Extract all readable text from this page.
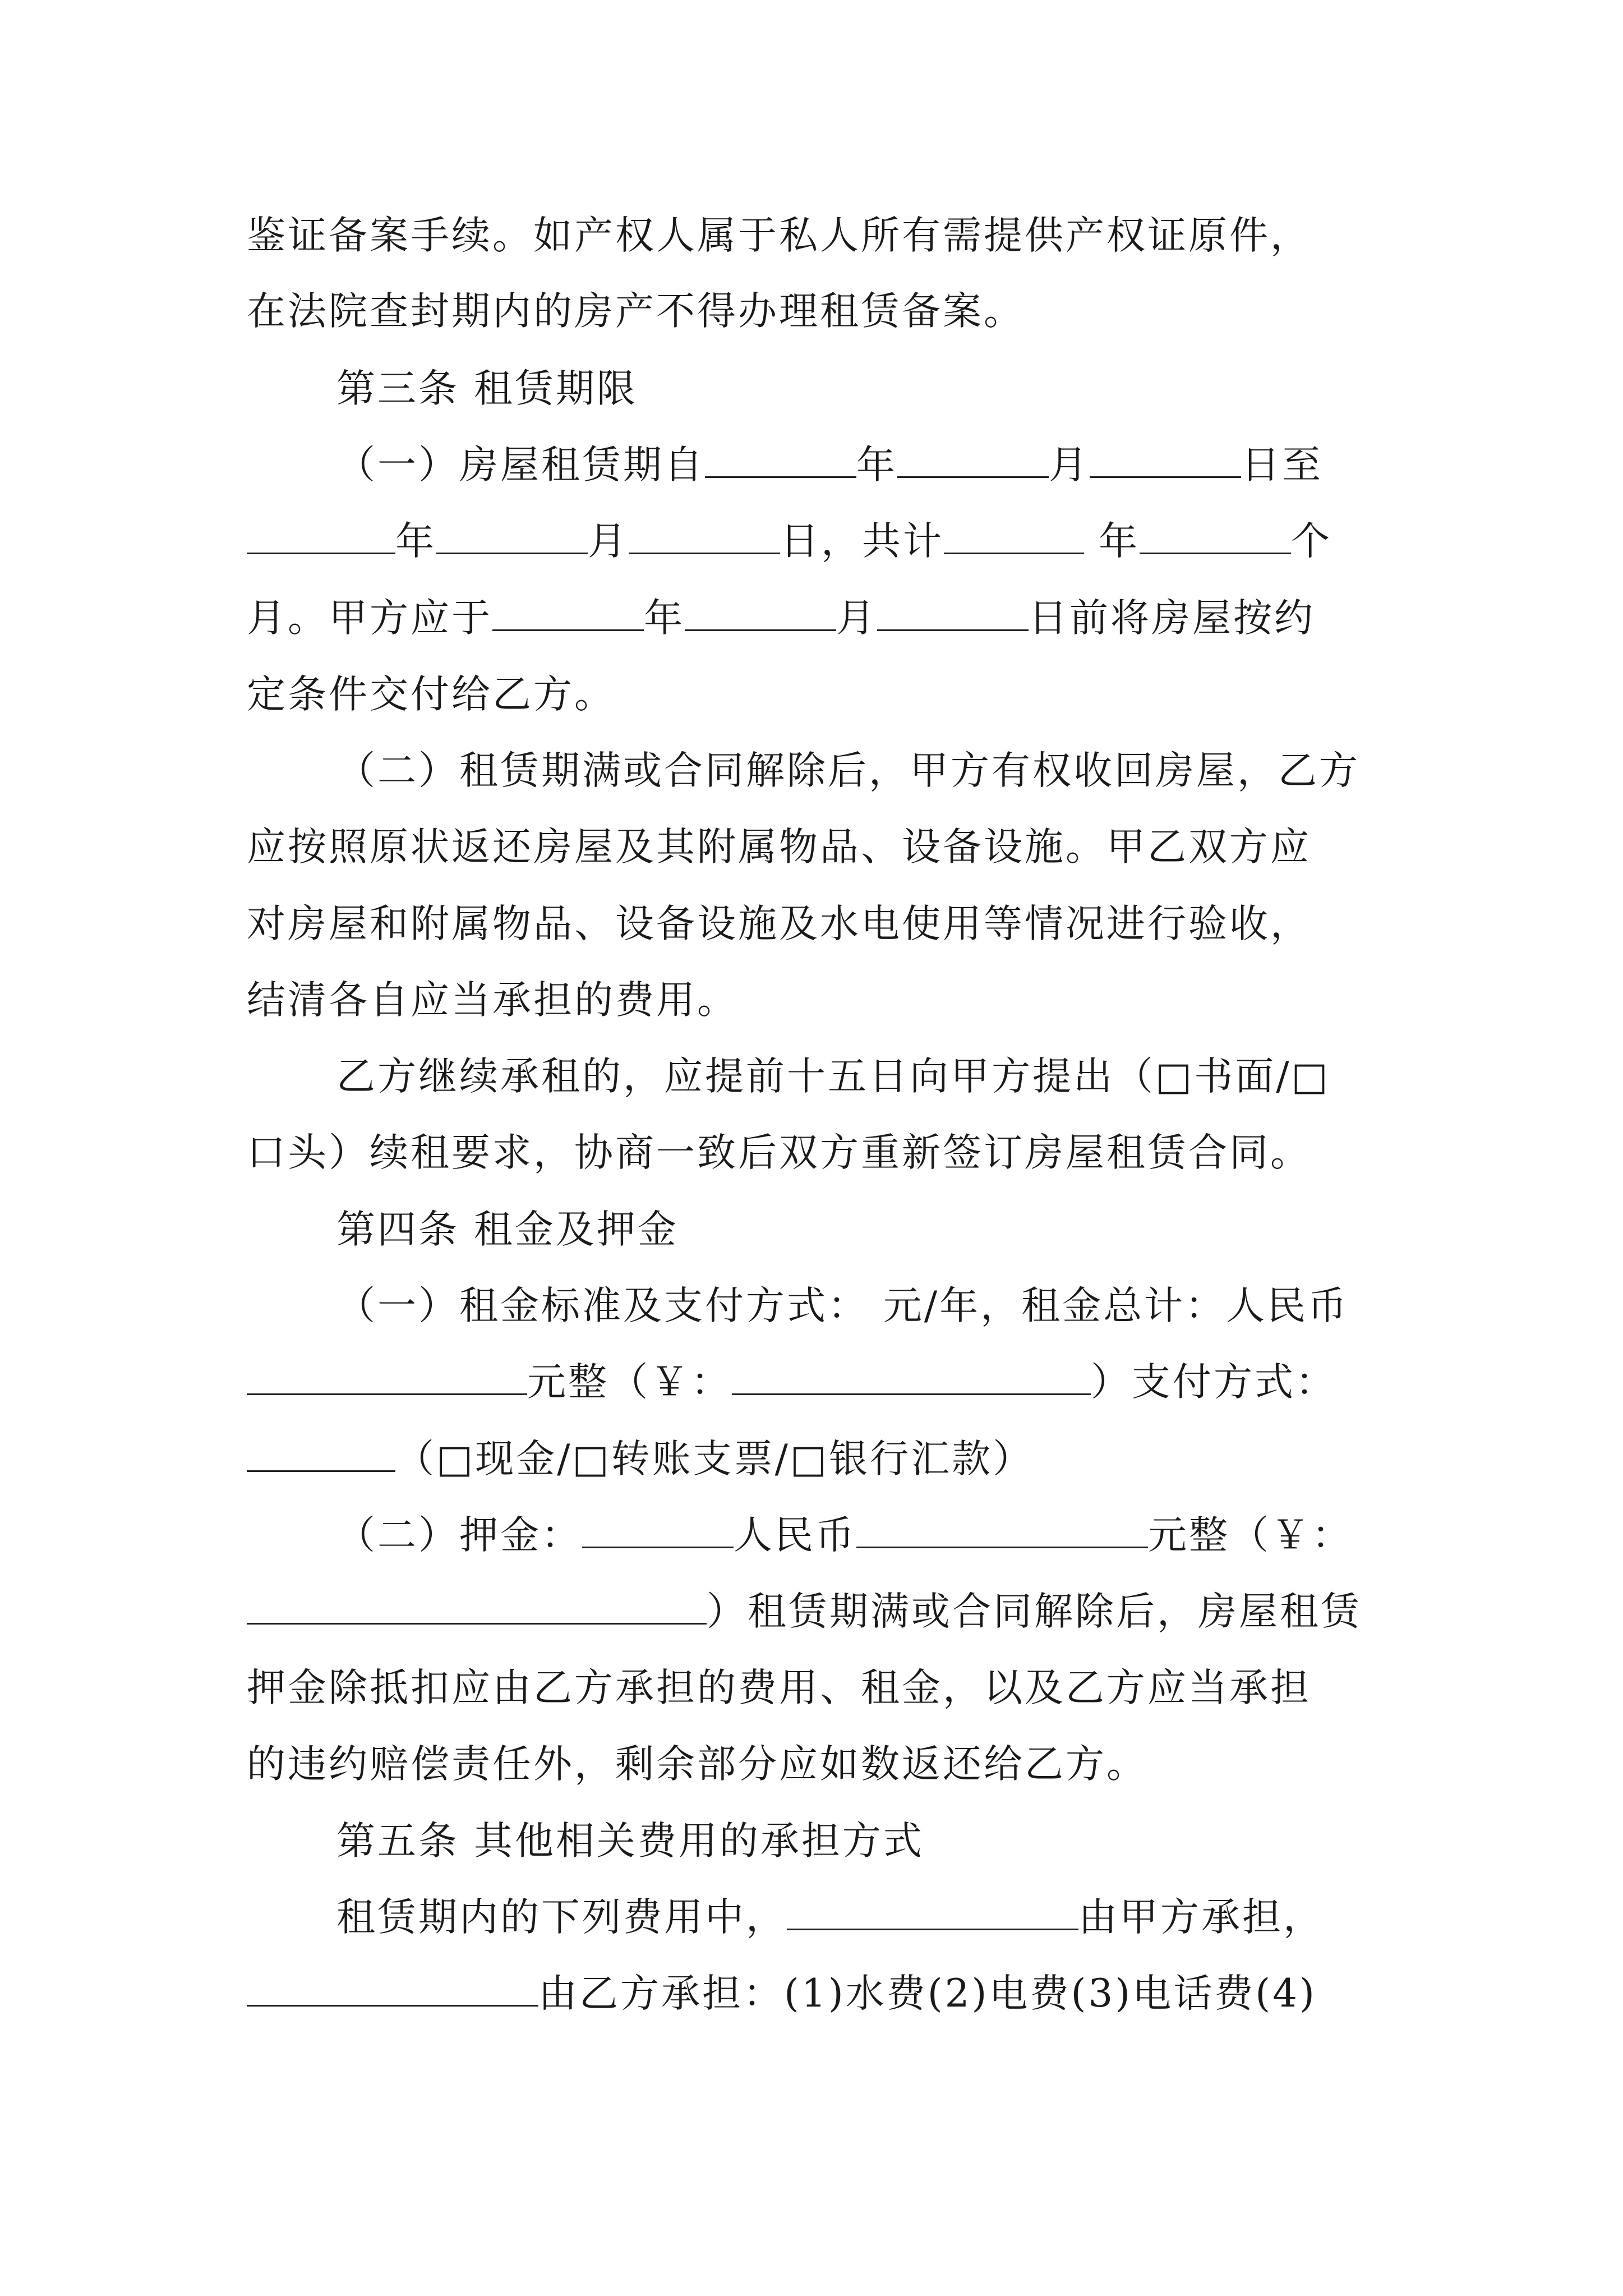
鉴证备案手续。如产权人属于私人所有需提供产权证原件，
在法院查封期内的房产不得办理租赁备案。
第三条 租赁期限
（一）房屋租赁期自	年	月	日至
年	月	日，共计	年	个
月。甲方应于	年	月	日前将房屋按约
定条件交付给乙方。
（二）租赁期满或合同解除后，甲方有权收回房屋，乙方
应按照原状返还房屋及其附属物品、设备设施。甲乙双方应
对房屋和附属物品、设备设施及水电使用等情况进行验收，
结清各自应当承担的费用。
乙方继续承租的，应提前十五日向甲方提出（□书面/□
口头）续租要求，协商一致后双方重新签订房屋租赁合同。
第四条 租金及押金
（一）租金标准及支付方式： 元/年，租金总计：人民币
元整（￥：	）支付方式：
（□现金/□转账支票/□银行汇款）
（二）押金：	人民币	元整（￥：
）租赁期满或合同解除后，房屋租赁
押金除抵扣应由乙方承担的费用、租金，以及乙方应当承担
的违约赔偿责任外，剩余部分应如数返还给乙方。
第五条 其他相关费用的承担方式
租赁期内的下列费用中，	由甲方承担，
由乙方承担：(1)水费(2)电费(3)电话费(4)
